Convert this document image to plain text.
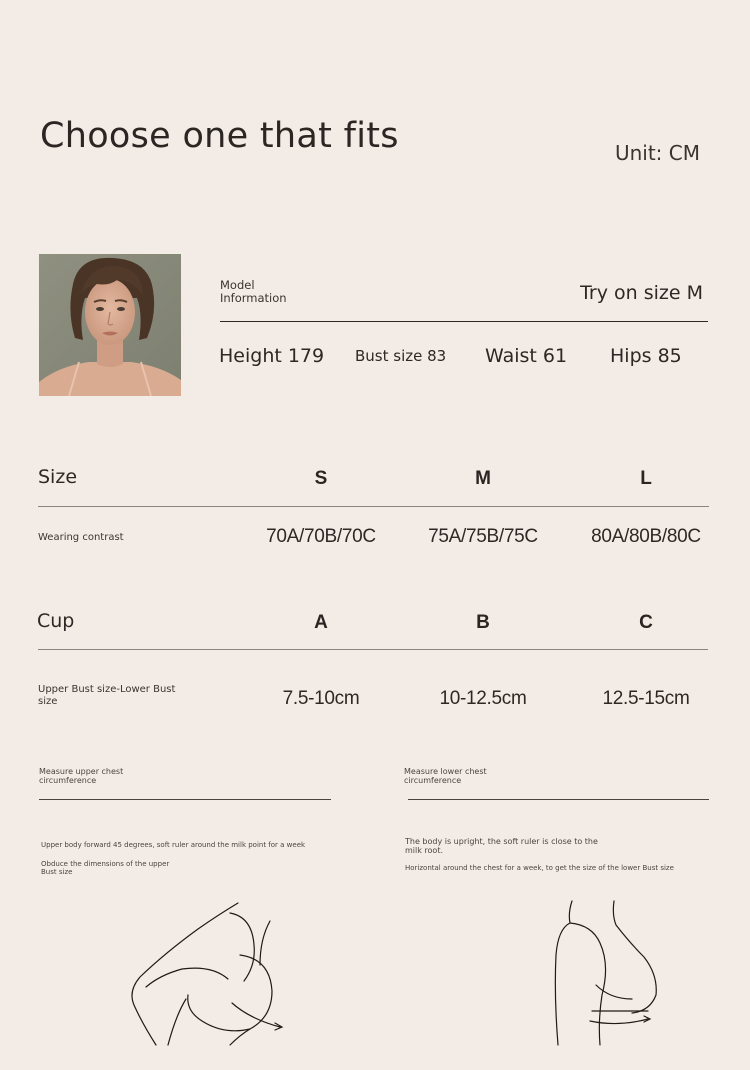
Choose one that fits	Unit: CM
Model Information	Try on size M
Height 179 Bust size 83 Waist 61 Hips 85
Size	S	M	L
Wearing contrast	70A/70B/70C	75A/75B/75C	80A/80B/80C
Cup	A	B	C
Upper Bust size-Lower Bust size	7.5-10cm	10-12.5cm	12.5-15cm
Measure upper chest circumference
Upper body forward 45 degrees, soft ruler around the milk point for a week
Obduce the dimensions of the upper Bust size
Measure lower chest circumference
The body is upright, the soft ruler is close to the milk root.
Horizontal around the chest for a week, to get the size of the lower Bust size
